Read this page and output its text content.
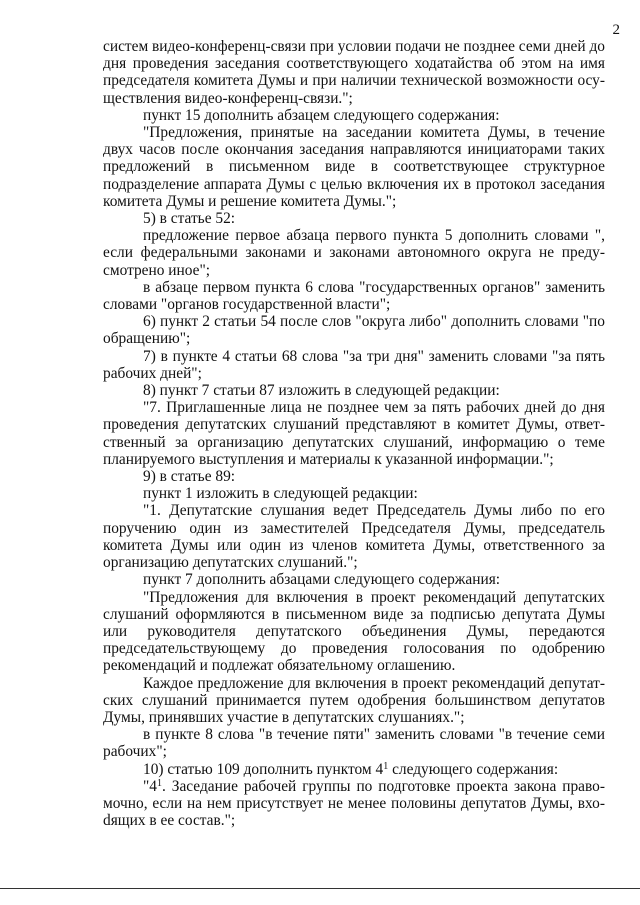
2

систем видео-конференц-связи при условии подачи не позднее семи дней до дня проведения заседания соответствующего ходатайства об этом на имя председателя комитета Думы и при наличии технической возможности осуществления видео-конференц-связи.";

пункт 15 дополнить абзацем следующего содержания:

"Предложения, принятые на заседании комитета Думы, в течение двух часов после окончания заседания направляются инициаторами таких предложений в письменном виде в соответствующее структурное подразделение аппарата Думы с целью включения их в протокол заседания комитета Думы и решение комитета Думы.";

5) в статье 52:

предложение первое абзаца первого пункта 5 дополнить словами ", если федеральными законами и законами автономного округа не предусмотрено иное";

в абзаце первом пункта 6 слова "государственных органов" заменить словами "органов государственной власти";

6) пункт 2 статьи 54 после слов "округа либо" дополнить словами "по обращению";

7) в пункте 4 статьи 68 слова "за три дня" заменить словами "за пять рабочих дней";

8) пункт 7 статьи 87 изложить в следующей редакции:

"7. Приглашенные лица не позднее чем за пять рабочих дней до дня проведения депутатских слушаний представляют в комитет Думы, ответственный за организацию депутатских слушаний, информацию о теме планируемого выступления и материалы к указанной информации.";

9) в статье 89:

пункт 1 изложить в следующей редакции:

"1. Депутатские слушания ведет Председатель Думы либо по его поручению один из заместителей Председателя Думы, председатель комитета Думы или один из членов комитета Думы, ответственного за организацию депутатских слушаний.";

пункт 7 дополнить абзацами следующего содержания:

"Предложения для включения в проект рекомендаций депутатских слушаний оформляются в письменном виде за подписью депутата Думы или руководителя депутатского объединения Думы, передаются председательствующему до проведения голосования по одобрению рекомендаций и подлежат обязательному оглашению.

Каждое предложение для включения в проект рекомендаций депутатских слушаний принимается путем одобрения большинством депутатов Думы, принявших участие в депутатских слушаниях.";

в пункте 8 слова "в течение пяти" заменить словами "в течение семи рабочих";

10) статью 109 дополнить пунктом $4^1$ следующего содержания:

"$4^1$. Заседание рабочей группы по подготовке проекта закона правомочно, если на нем присутствует не менее половины депутатов Думы, вхоdящих в ее состав.";
